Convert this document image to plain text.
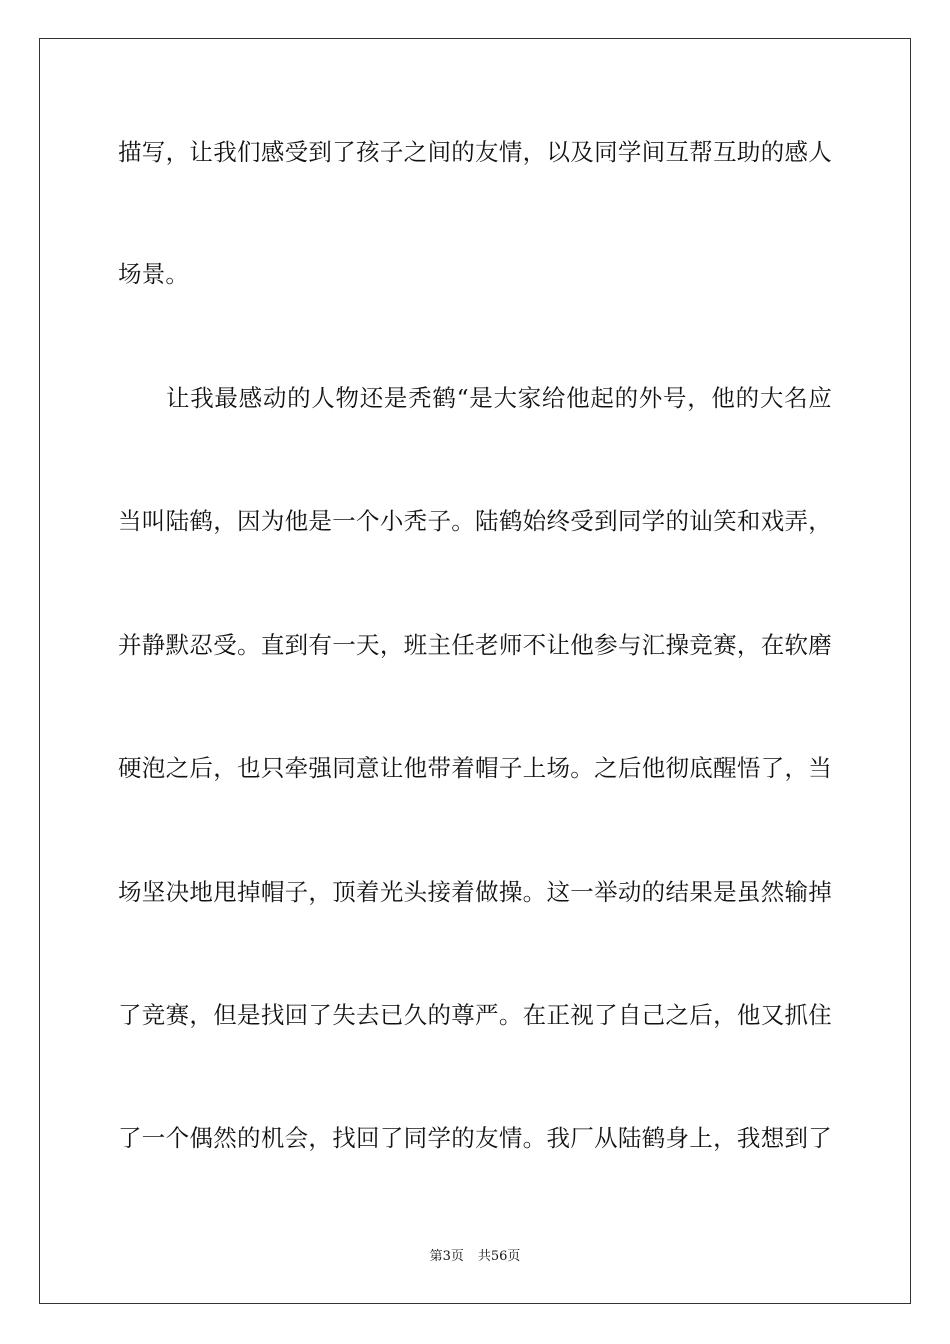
描写，让我们感受到了孩子之间的友情，以及同学间互帮互助的感人
场景。
让我最感动的人物还是秃鹤“是大家给他起的外号，他的大名应
当叫陆鹤，因为他是一个小秃子。陆鹤始终受到同学的讪笑和戏弄，
并静默忍受。直到有一天，班主任老师不让他参与汇操竞赛，在软磨
硬泡之后，也只牵强同意让他带着帽子上场。之后他彻底醒悟了，当
场坚决地甩掉帽子，顶着光头接着做操。这一举动的结果是虽然输掉
了竞赛，但是找回了失去已久的尊严。在正视了自己之后，他又抓住
了一个偶然的机会，找回了同学的友情。我厂从陆鹤身上，我想到了
第3页 共56页
